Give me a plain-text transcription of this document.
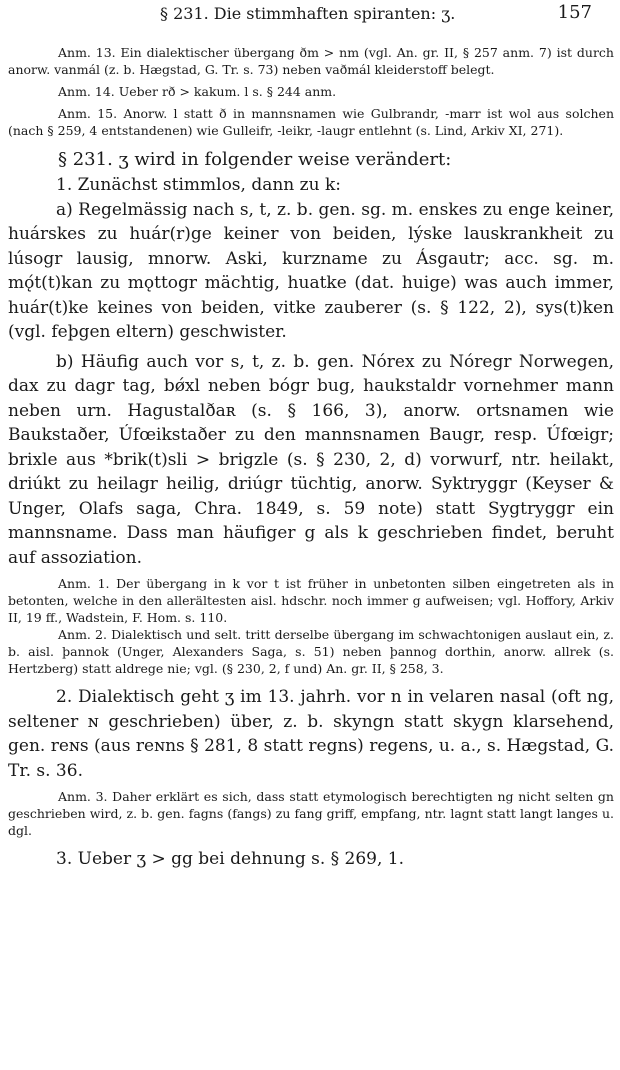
§ 231. Die stimmhaften spiranten: ʒ.	157

Anm. 13. Ein dialektischer übergang ðm > nm (vgl. An. gr. II, § 257 anm. 7) ist durch anorw. vanmál (z. b. Hægstad, G. Tr. s. 73) neben vaðmál kleiderstoff belegt.

Anm. 14. Ueber rð > kakum. l s. § 244 anm.

Anm. 15. Anorw. l statt ð in mannsnamen wie Gulbrandr, -marr ist wol aus solchen (nach § 259, 4 entstandenen) wie Gulleifr, -leikr, -laugr entlehnt (s. Lind, Arkiv XI, 271).

§ 231. ʒ wird in folgender weise verändert:

1. Zunächst stimmlos, dann zu k:

a) Regelmässig nach s, t, z. b. gen. sg. m. enskes zu enge keiner, huárskes zu huár(r)ge keiner von beiden, lýske lauskrankheit zu lúsogr lausig, mnorw. Aski, kurzname zu Ásgautr; acc. sg. m. mǫ́t(t)kan zu mǫttogr mächtig, huatke (dat. huige) was auch immer, huár(t)ke keines von beiden, vitke zauberer (s. § 122, 2), sys(t)ken (vgl. feþgen eltern) geschwister.

b) Häufig auch vor s, t, z. b. gen. Nórex zu Nóregr Norwegen, dax zu dagr tag, bǿxl neben bógr bug, haukstaldr vornehmer mann neben urn. Hagustalðaʀ (s. § 166, 3), anorw. ortsnamen wie Baukstaðer, Úfœikstaðer zu den mannsnamen Baugr, resp. Úfœigr; brixle aus *brik(t)sli > brigzle (s. § 230, 2, d) vorwurf, ntr. heilakt, driúkt zu heilagr heilig, driúgr tüchtig, anorw. Syktryggr (Keyser & Unger, Olafs saga, Chra. 1849, s. 59 note) statt Sygtryggr ein mannsname. Dass man häufiger g als k geschrieben findet, beruht auf assoziation.

Anm. 1. Der übergang in k vor t ist früher in unbetonten silben eingetreten als in betonten, welche in den allerältesten aisl. hdschr. noch immer g aufweisen; vgl. Hoffory, Arkiv II, 19 ff., Wadstein, F. Hom. s. 110.

Anm. 2. Dialektisch und selt. tritt derselbe übergang im schwachtonigen auslaut ein, z. b. aisl. þannok (Unger, Alexanders Saga, s. 51) neben þannog dorthin, anorw. allrek (s. Hertzberg) statt aldrege nie; vgl. (§ 230, 2, f und) An. gr. II, § 258, 3.

2. Dialektisch geht ʒ im 13. jahrh. vor n in velaren nasal (oft ng, seltener ɴ geschrieben) über, z. b. skyngn statt skygn klarsehend, gen. reɴs (aus reɴns § 281, 8 statt regns) regens, u. a., s. Hægstad, G. Tr. s. 36.

Anm. 3. Daher erklärt es sich, dass statt etymologisch berechtigten ng nicht selten gn geschrieben wird, z. b. gen. fagns (fangs) zu fang griff, empfang, ntr. lagnt statt langt langes u. dgl.

3. Ueber ʒ > gg bei dehnung s. § 269, 1.
